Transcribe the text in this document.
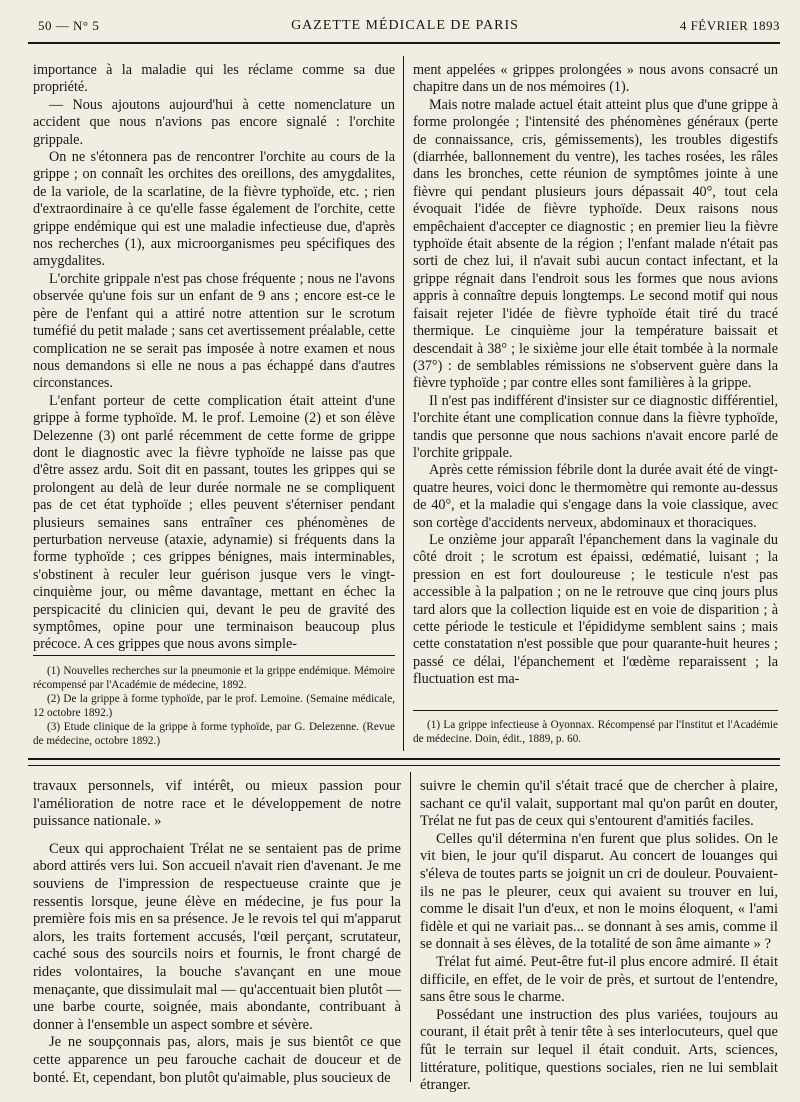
50 — N° 5	GAZETTE MÉDICALE DE PARIS	4 FÉVRIER 1893

importance à la maladie qui les réclame comme sa due propriété.

— Nous ajoutons aujourd'hui à cette nomenclature un accident que nous n'avions pas encore signalé : l'orchite grippale.

On ne s'étonnera pas de rencontrer l'orchite au cours de la grippe ; on connaît les orchites des oreillons, des amygdalites, de la variole, de la scarlatine, de la fièvre typhoïde, etc. ; rien d'extraordinaire à ce qu'elle fasse également de l'orchite, cette grippe endémique qui est une maladie infectieuse due, d'après nos recherches (1), aux microorganismes peu spécifiques des amygdalites.

L'orchite grippale n'est pas chose fréquente ; nous ne l'avons observée qu'une fois sur un enfant de 9 ans ; encore est-ce le père de l'enfant qui a attiré notre attention sur le scrotum tuméfié du petit malade ; sans cet avertissement préalable, cette complication ne se serait pas imposée à notre examen et nous nous demandons si elle ne nous a pas échappé dans d'autres circonstances.

L'enfant porteur de cette complication était atteint d'une grippe à forme typhoïde. M. le prof. Lemoine (2) et son élève Delezenne (3) ont parlé récemment de cette forme de grippe dont le diagnostic avec la fièvre typhoïde ne laisse pas que d'être assez ardu. Soit dit en passant, toutes les grippes qui se prolongent au delà de leur durée normale ne se compliquent pas de cet état typhoïde ; elles peuvent s'éterniser pendant plusieurs semaines sans entraîner ces phénomènes de perturbation nerveuse (ataxie, adynamie) si fréquents dans la forme typhoïde ; ces grippes bénignes, mais interminables, s'obstinent à reculer leur guérison jusque vers le vingt-cinquième jour, ou même davantage, mettant en échec la perspicacité du clinicien qui, devant le peu de gravité des symptômes, opine pour une terminaison beaucoup plus précoce. A ces grippes que nous avons simple-

(1) Nouvelles recherches sur la pneumonie et la grippe endémique. Mémoire récompensé par l'Académie de médecine, 1892.

(2) De la grippe à forme typhoïde, par le prof. Lemoine. (Semaine médicale, 12 octobre 1892.)

(3) Etude clinique de la grippe à forme typhoïde, par G. Delezenne. (Revue de médecine, octobre 1892.)

ment appelées « grippes prolongées » nous avons consacré un chapitre dans un de nos mémoires (1).

Mais notre malade actuel était atteint plus que d'une grippe à forme prolongée ; l'intensité des phénomènes généraux (perte de connaissance, cris, gémissements), les troubles digestifs (diarrhée, ballonnement du ventre), les taches rosées, les râles dans les bronches, cette réunion de symptômes jointe à une fièvre qui pendant plusieurs jours dépassait 40°, tout cela évoquait l'idée de fièvre typhoïde. Deux raisons nous empêchaient d'accepter ce diagnostic ; en premier lieu la fièvre typhoïde était absente de la région ; l'enfant malade n'était pas sorti de chez lui, il n'avait subi aucun contact infectant, et la grippe régnait dans l'endroit sous les formes que nous avions appris à connaître depuis longtemps. Le second motif qui nous faisait rejeter l'idée de fièvre typhoïde était tiré du tracé thermique. Le cinquième jour la température baissait et descendait à 38° ; le sixième jour elle était tombée à la normale (37°) : de semblables rémissions ne s'observent guère dans la fièvre typhoïde ; par contre elles sont familières à la grippe.

Il n'est pas indifférent d'insister sur ce diagnostic différentiel, l'orchite étant une complication connue dans la fièvre typhoïde, tandis que personne que nous sachions n'avait encore parlé de l'orchite grippale.

Après cette rémission fébrile dont la durée avait été de vingt-quatre heures, voici donc le thermomètre qui remonte au-dessus de 40°, et la maladie qui s'engage dans la voie classique, avec son cortège d'accidents nerveux, abdominaux et thoraciques.

Le onzième jour apparaît l'épanchement dans la vaginale du côté droit ; le scrotum est épaissi, œdématié, luisant ; la pression en est fort douloureuse ; le testicule n'est pas accessible à la palpation ; on ne le retrouve que cinq jours plus tard alors que la collection liquide est en voie de disparition ; à cette période le testicule et l'épididyme semblent sains ; mais cette constatation n'est possible que pour quarante-huit heures ; passé ce délai, l'épanchement et l'œdème reparaissent ; la fluctuation est ma-

(1) La grippe infectieuse à Oyonnax. Récompensé par l'Institut et l'Académie de médecine. Doin, édit., 1889, p. 60.

travaux personnels, vif intérêt, ou mieux passion pour l'amélioration de notre race et le développement de notre puissance nationale. »

Ceux qui approchaient Trélat ne se sentaient pas de prime abord attirés vers lui. Son accueil n'avait rien d'avenant. Je me souviens de l'impression de respectueuse crainte que je ressentis lorsque, jeune élève en médecine, je fus pour la première fois mis en sa présence. Je le revois tel qui m'apparut alors, les traits fortement accusés, l'œil perçant, scrutateur, caché sous des sourcils noirs et fournis, le front chargé de rides volontaires, la bouche s'avançant en une moue menaçante, que dissimulait mal — qu'accentuait bien plutôt — une barbe courte, soignée, mais abondante, contribuant à donner à l'ensemble un aspect sombre et sévère.

Je ne soupçonnais pas, alors, mais je sus bientôt ce que cette apparence un peu farouche cachait de douceur et de bonté. Et, cependant, bon plutôt qu'aimable, plus soucieux de

suivre le chemin qu'il s'était tracé que de chercher à plaire, sachant ce qu'il valait, supportant mal qu'on parût en douter, Trélat ne fut pas de ceux qui s'entourent d'amitiés faciles.

Celles qu'il détermina n'en furent que plus solides. On le vit bien, le jour qu'il disparut. Au concert de louanges qui s'éleva de toutes parts se joignit un cri de douleur. Pouvaient-ils ne pas le pleurer, ceux qui avaient su trouver en lui, comme le disait l'un d'eux, et non le moins éloquent, « l'ami fidèle et qui ne variait pas... se donnant à ses amis, comme il se donnait à ses élèves, de la totalité de son âme aimante » ?

Trélat fut aimé. Peut-être fut-il plus encore admiré. Il était difficile, en effet, de le voir de près, et surtout de l'entendre, sans être sous le charme.

Possédant une instruction des plus variées, toujours au courant, il était prêt à tenir tête à ses interlocuteurs, quel que fût le terrain sur lequel il était conduit. Arts, sciences, littérature, politique, questions sociales, rien ne lui semblait étranger.
